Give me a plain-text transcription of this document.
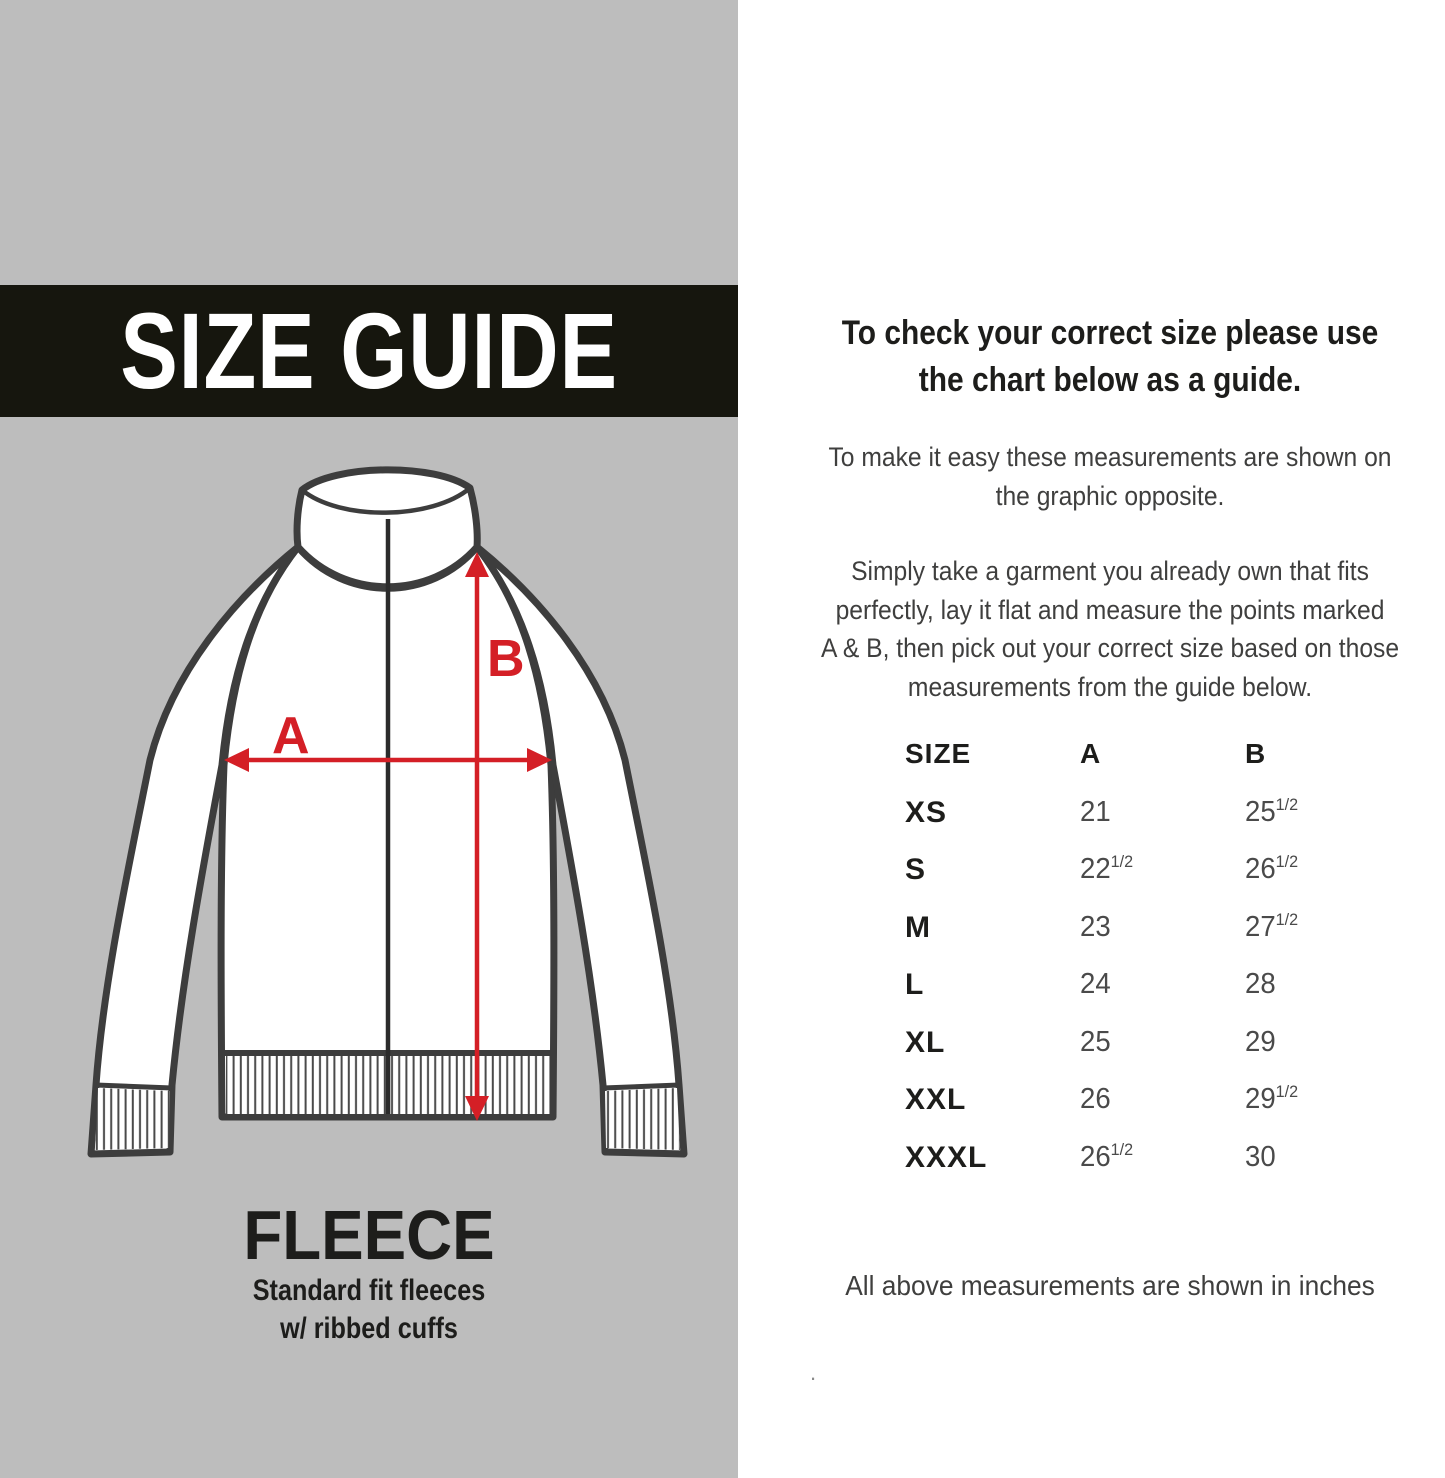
SIZE GUIDE
A
B
FLEECE
Standard fit fleeces
w/ ribbed cuffs
To check your correct size please use
the chart below as a guide.
To make it easy these measurements are shown on
the graphic opposite.
Simply take a garment you already own that fits
perfectly, lay it flat and measure the points marked
A & B, then pick out your correct size based on those
measurements from the guide below.
SIZE	A	B
XS	21	$25^{1/2}$
S	$22^{1/2}$	$26^{1/2}$
M	23	$27^{1/2}$
L	24	28
XL	25	29
XXL	26	$29^{1/2}$
XXXL	$26^{1/2}$	30
All above measurements are shown in inches
.
